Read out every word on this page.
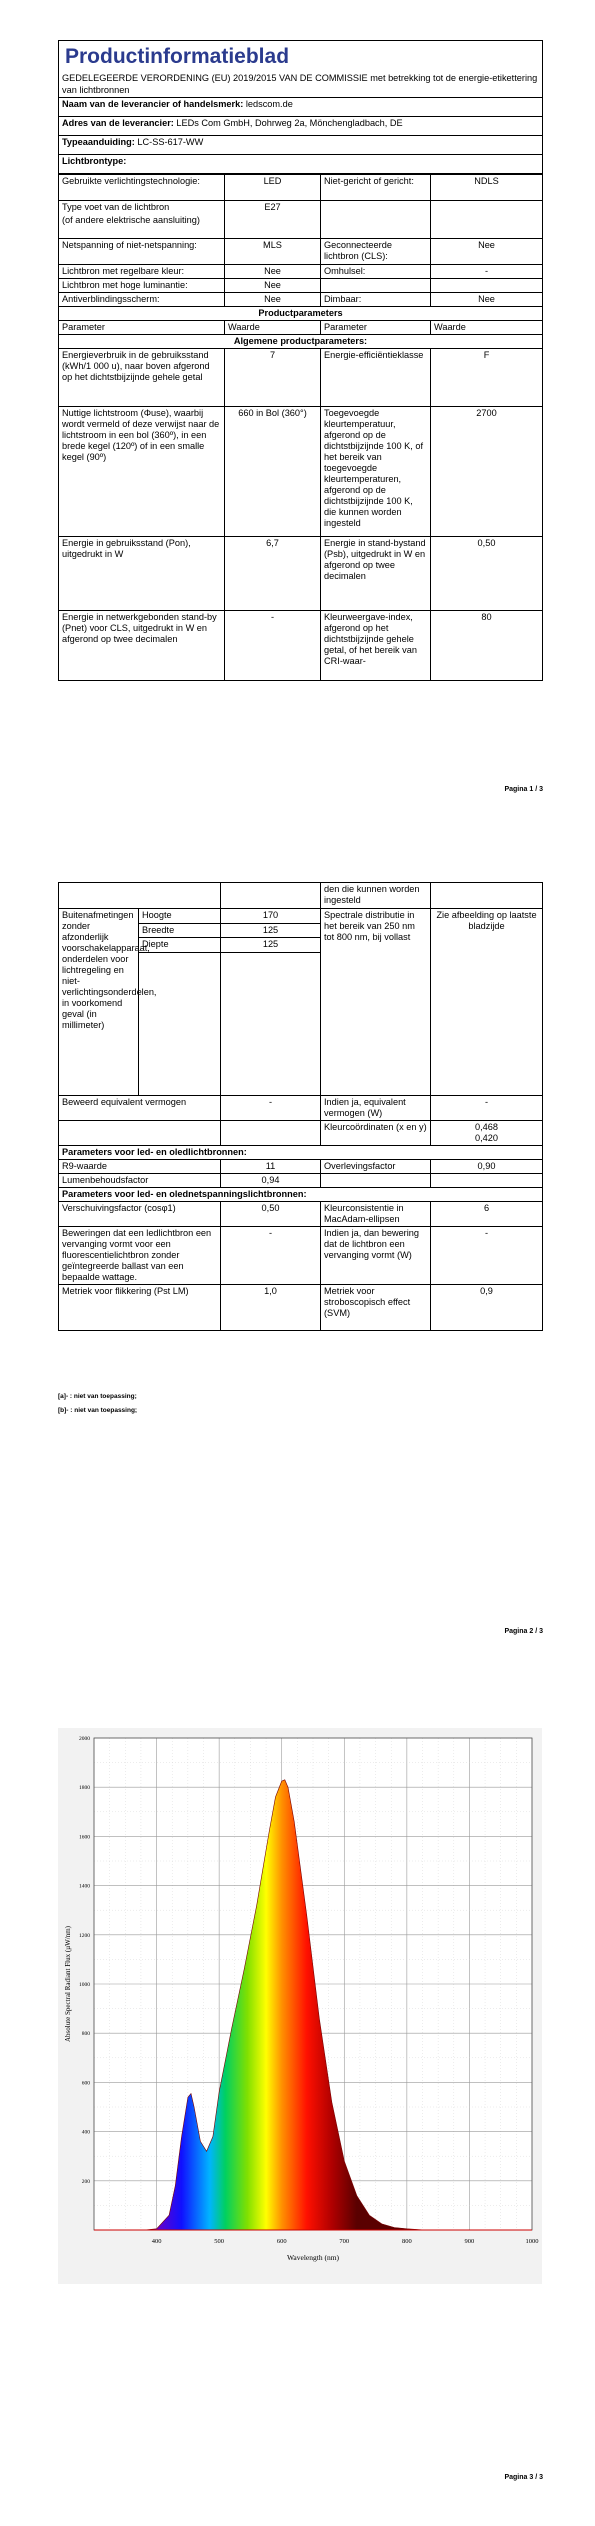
Productinformatieblad

GEDELEGEERDE VERORDENING (EU) 2019/2015 VAN DE COMMISSIE met betrekking tot de energie-etikettering van lichtbronnen

Naam van de leverancier of handelsmerk: ledscom.de
Adres van de leverancier: LEDs Com GmbH, Dohrweg 2a, Mönchengladbach, DE
Typeaanduiding: LC-SS-617-WW
Lichtbrontype:
Gebruikte verlichtingstechnologie:	LED	Niet-gericht of gericht:	NDLS
Type voet van de lichtbron	E27		
(of andere elektrische aansluiting)			
Netspanning of niet-netspanning:	MLS	Geconnecteerde lichtbron (CLS):	Nee
Lichtbron met regelbare kleur:	Nee	Omhulsel:	-
Lichtbron met hoge luminantie:	Nee		
Antiverblindingsscherm:	Nee	Dimbaar:	Nee
Productparameters			
Parameter	Waarde	Parameter	Waarde
Algemene productparameters:			
Energieverbruik in de gebruiksstand (kWh/1 000 u), naar boven afgerond op het dichtstbijzijnde gehele getal	7	Energie-efficiëntieklasse	F
Nuttige lichtstroom (Φuse), waarbij wordt vermeld of deze verwijst naar de lichtstroom in een bol (360º), in een brede kegel (120º) of in een smalle kegel (90º)	660 in Bol (360°)	Toegevoegde kleurtemperatuur, afgerond op de dichtstbijzijnde 100 K, of het bereik van toegevoegde kleurtemperaturen, afgerond op de dichtstbijzijnde 100 K, die kunnen worden ingesteld	2700
Energie in gebruiksstand (Pon), uitgedrukt in W	6,7	Energie in stand-bystand (Psb), uitgedrukt in W en afgerond op twee decimalen	0,50
Energie in netwerkgebonden stand-by (Pnet) voor CLS, uitgedrukt in W en afgerond op twee decimalen	-	Kleurweergave-index, afgerond op het dichtstbijzijnde gehele getal, of het bereik van CRI-waar-	80
Pagina 1 / 3
			den die kunnen worden ingesteld	
Buitenafmetingen zonder afzonderlijk voorschakelapparaat, onderdelen voor lichtregeling en niet-verlichtingsonderdelen, in voorkomend geval (in millimeter)	Hoogte	170	Spectrale distributie in het bereik van 250 nm tot 800 nm, bij vollast	Zie afbeelding op laatste bladzijde
	Breedte	125		
	Diepte	125		

Beweerd equivalent vermogen		-	Indien ja, equivalent vermogen (W)	-
			Kleurcoördinaten (x en y)	0,468
0,420

Parameters voor led- en oledlichtbronnen:				
R9-waarde		11	Overlevingsfactor	0,90
Lumenbehoudsfactor		0,94		
Parameters voor led- en olednetspanningslichtbronnen:				
Verschuivingsfactor (cosφ1)		0,50	Kleurconsistentie in MacAdam-ellipsen	6
Beweringen dat een ledlichtbron een vervanging vormt voor een fluorescentielichtbron zonder geïntegreerde ballast van een bepaalde wattage.		-	Indien ja, dan bewering dat de lichtbron een vervanging vormt (W)	-
Metriek voor flikkering (Pst LM)		1,0	Metriek voor stroboscopisch effect (SVM)	0,9
[a]- : niet van toepassing;
[b]- : niet van toepassing;
Pagina 2 / 3
400	500	600	700	800	900	1000
200
400
600
800
1000
1200
1400
1600
1800
2000
Wavelength (nm)
Absolute Spectral Radiant Flux (µW/nm)
Pagina 3 / 3
